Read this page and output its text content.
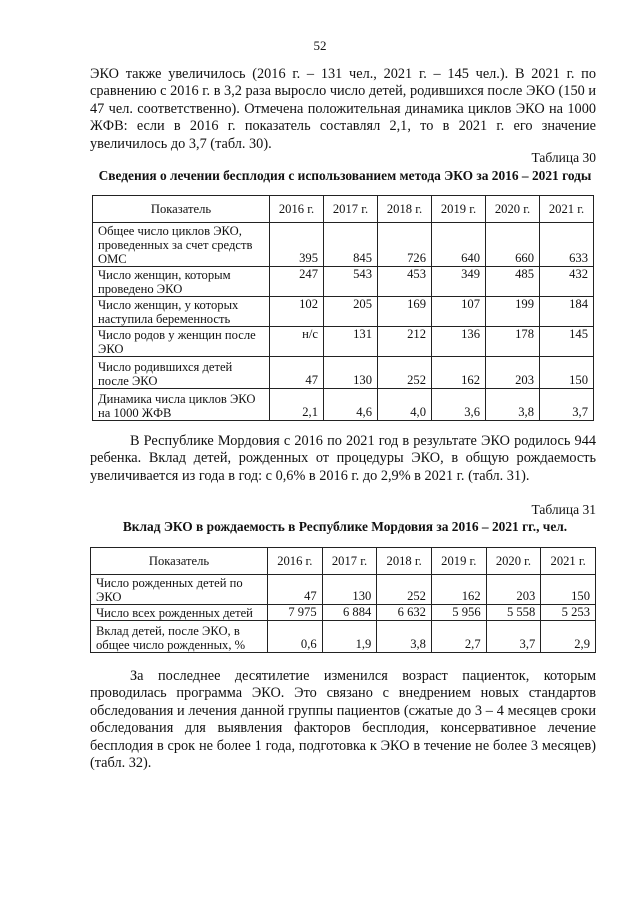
52

ЭКО также увеличилось (2016 г. – 131 чел., 2021 г. – 145 чел.). В 2021 г. по сравнению с 2016 г. в 3,2 раза выросло число детей, родившихся после ЭКО (150 и 47 чел. соответственно). Отмечена положительная динамика циклов ЭКО на 1000 ЖФВ: если в 2016 г. показатель составлял 2,1, то в 2021 г. его значение увеличилось до 3,7 (табл. 30).

Таблица 30
Сведения о лечении бесплодия с использованием метода ЭКО за 2016 – 2021 годы
Показатель	2016 г.	2017 г.	2018 г.	2019 г.	2020 г.	2021 г.
Общее число циклов ЭКО, проведенных за счет средств ОМС	395	845	726	640	660	633
Число женщин, которым проведено ЭКО	247	543	453	349	485	432
Число женщин, у которых наступила беременность	102	205	169	107	199	184
Число родов у женщин после ЭКО	н/с	131	212	136	178	145
Число родившихся детей после ЭКО	47	130	252	162	203	150
Динамика числа циклов ЭКО на 1000 ЖФВ	2,1	4,6	4,0	3,6	3,8	3,7

В Республике Мордовия с 2016 по 2021 год в результате ЭКО родилось 944 ребенка. Вклад детей, рожденных от процедуры ЭКО, в общую рождаемость увеличивается из года в год: с 0,6% в 2016 г. до 2,9% в 2021 г. (табл. 31).

Таблица 31
Вклад ЭКО в рождаемость в Республике Мордовия за 2016 – 2021 гг., чел.
Показатель	2016 г.	2017 г.	2018 г.	2019 г.	2020 г.	2021 г.
Число рожденных детей по ЭКО	47	130	252	162	203	150
Число всех рожденных детей	7 975	6 884	6 632	5 956	5 558	5 253
Вклад детей, после ЭКО, в общее число рожденных, %	0,6	1,9	3,8	2,7	3,7	2,9

За последнее десятилетие изменился возраст пациенток, которым проводилась программа ЭКО. Это связано с внедрением новых стандартов обследования и лечения данной группы пациентов (сжатые до 3 – 4 месяцев сроки обследования для выявления факторов бесплодия, консервативное лечение бесплодия в срок не более 1 года, подготовка к ЭКО в течение не более 3 месяцев) (табл. 32).
